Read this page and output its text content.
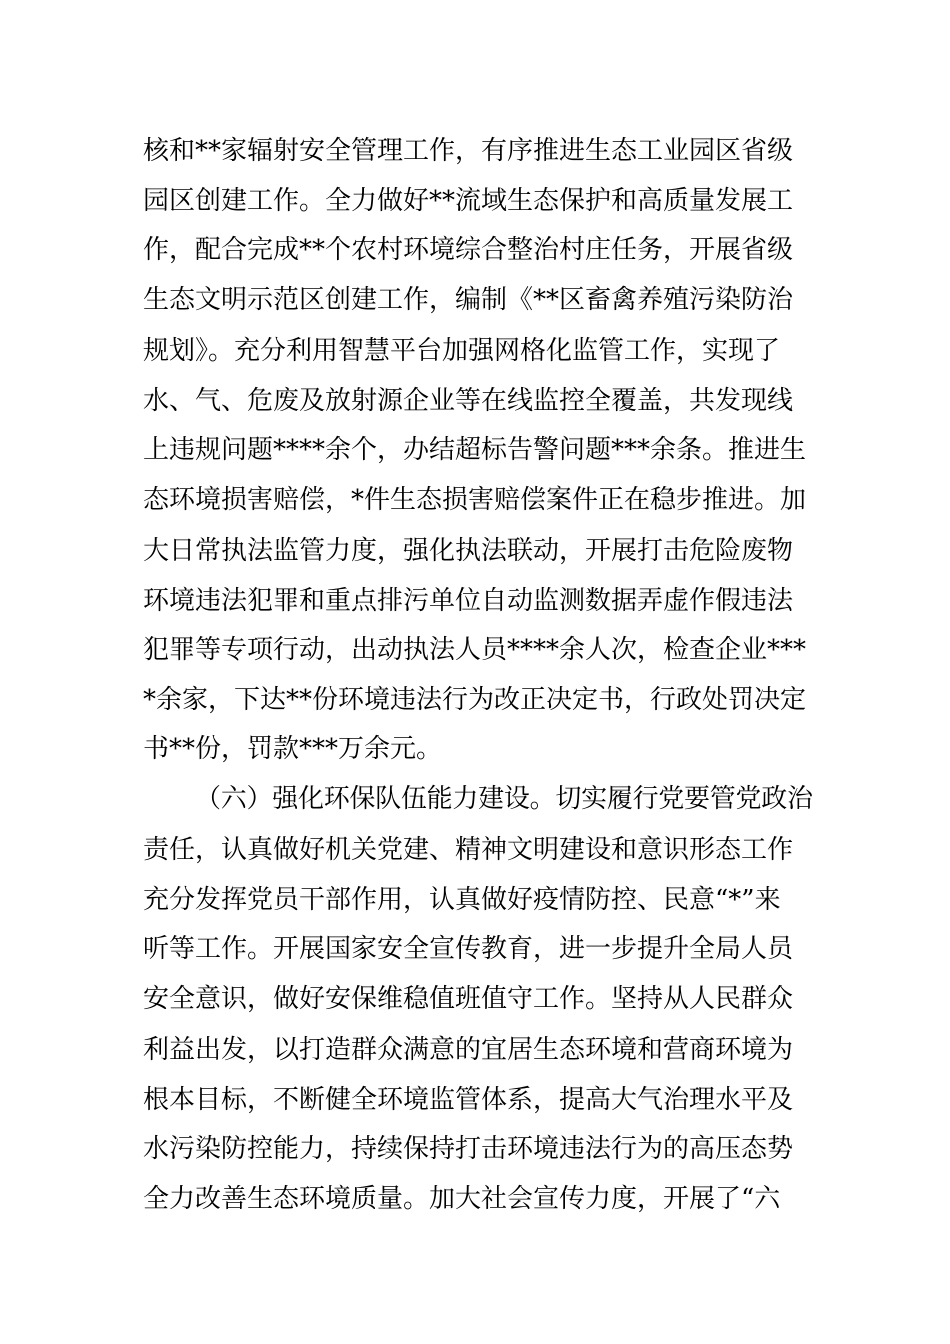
核和**家辐射安全管理工作，有序推进生态工业园区省级
园区创建工作。全力做好**流域生态保护和高质量发展工
作，配合完成**个农村环境综合整治村庄任务，开展省级
生态文明示范区创建工作，编制《**区畜禽养殖污染防治
规划》。充分利用智慧平台加强网格化监管工作，实现了
水、气、危废及放射源企业等在线监控全覆盖，共发现线
上违规问题****余个，办结超标告警问题***余条。推进生
态环境损害赔偿，*件生态损害赔偿案件正在稳步推进。加
大日常执法监管力度，强化执法联动，开展打击危险废物
环境违法犯罪和重点排污单位自动监测数据弄虚作假违法
犯罪等专项行动，出动执法人员****余人次，检查企业***
*余家，下达**份环境违法行为改正决定书，行政处罚决定
书**份，罚款***万余元。
（六）强化环保队伍能力建设。切实履行党要管党政治
责任，认真做好机关党建、精神文明建设和意识形态工作
充分发挥党员干部作用，认真做好疫情防控、民意“*”来
听等工作。开展国家安全宣传教育，进一步提升全局人员
安全意识，做好安保维稳值班值守工作。坚持从人民群众
利益出发，以打造群众满意的宜居生态环境和营商环境为
根本目标，不断健全环境监管体系，提高大气治理水平及
水污染防控能力，持续保持打击环境违法行为的高压态势
全力改善生态环境质量。加大社会宣传力度，开展了“六
